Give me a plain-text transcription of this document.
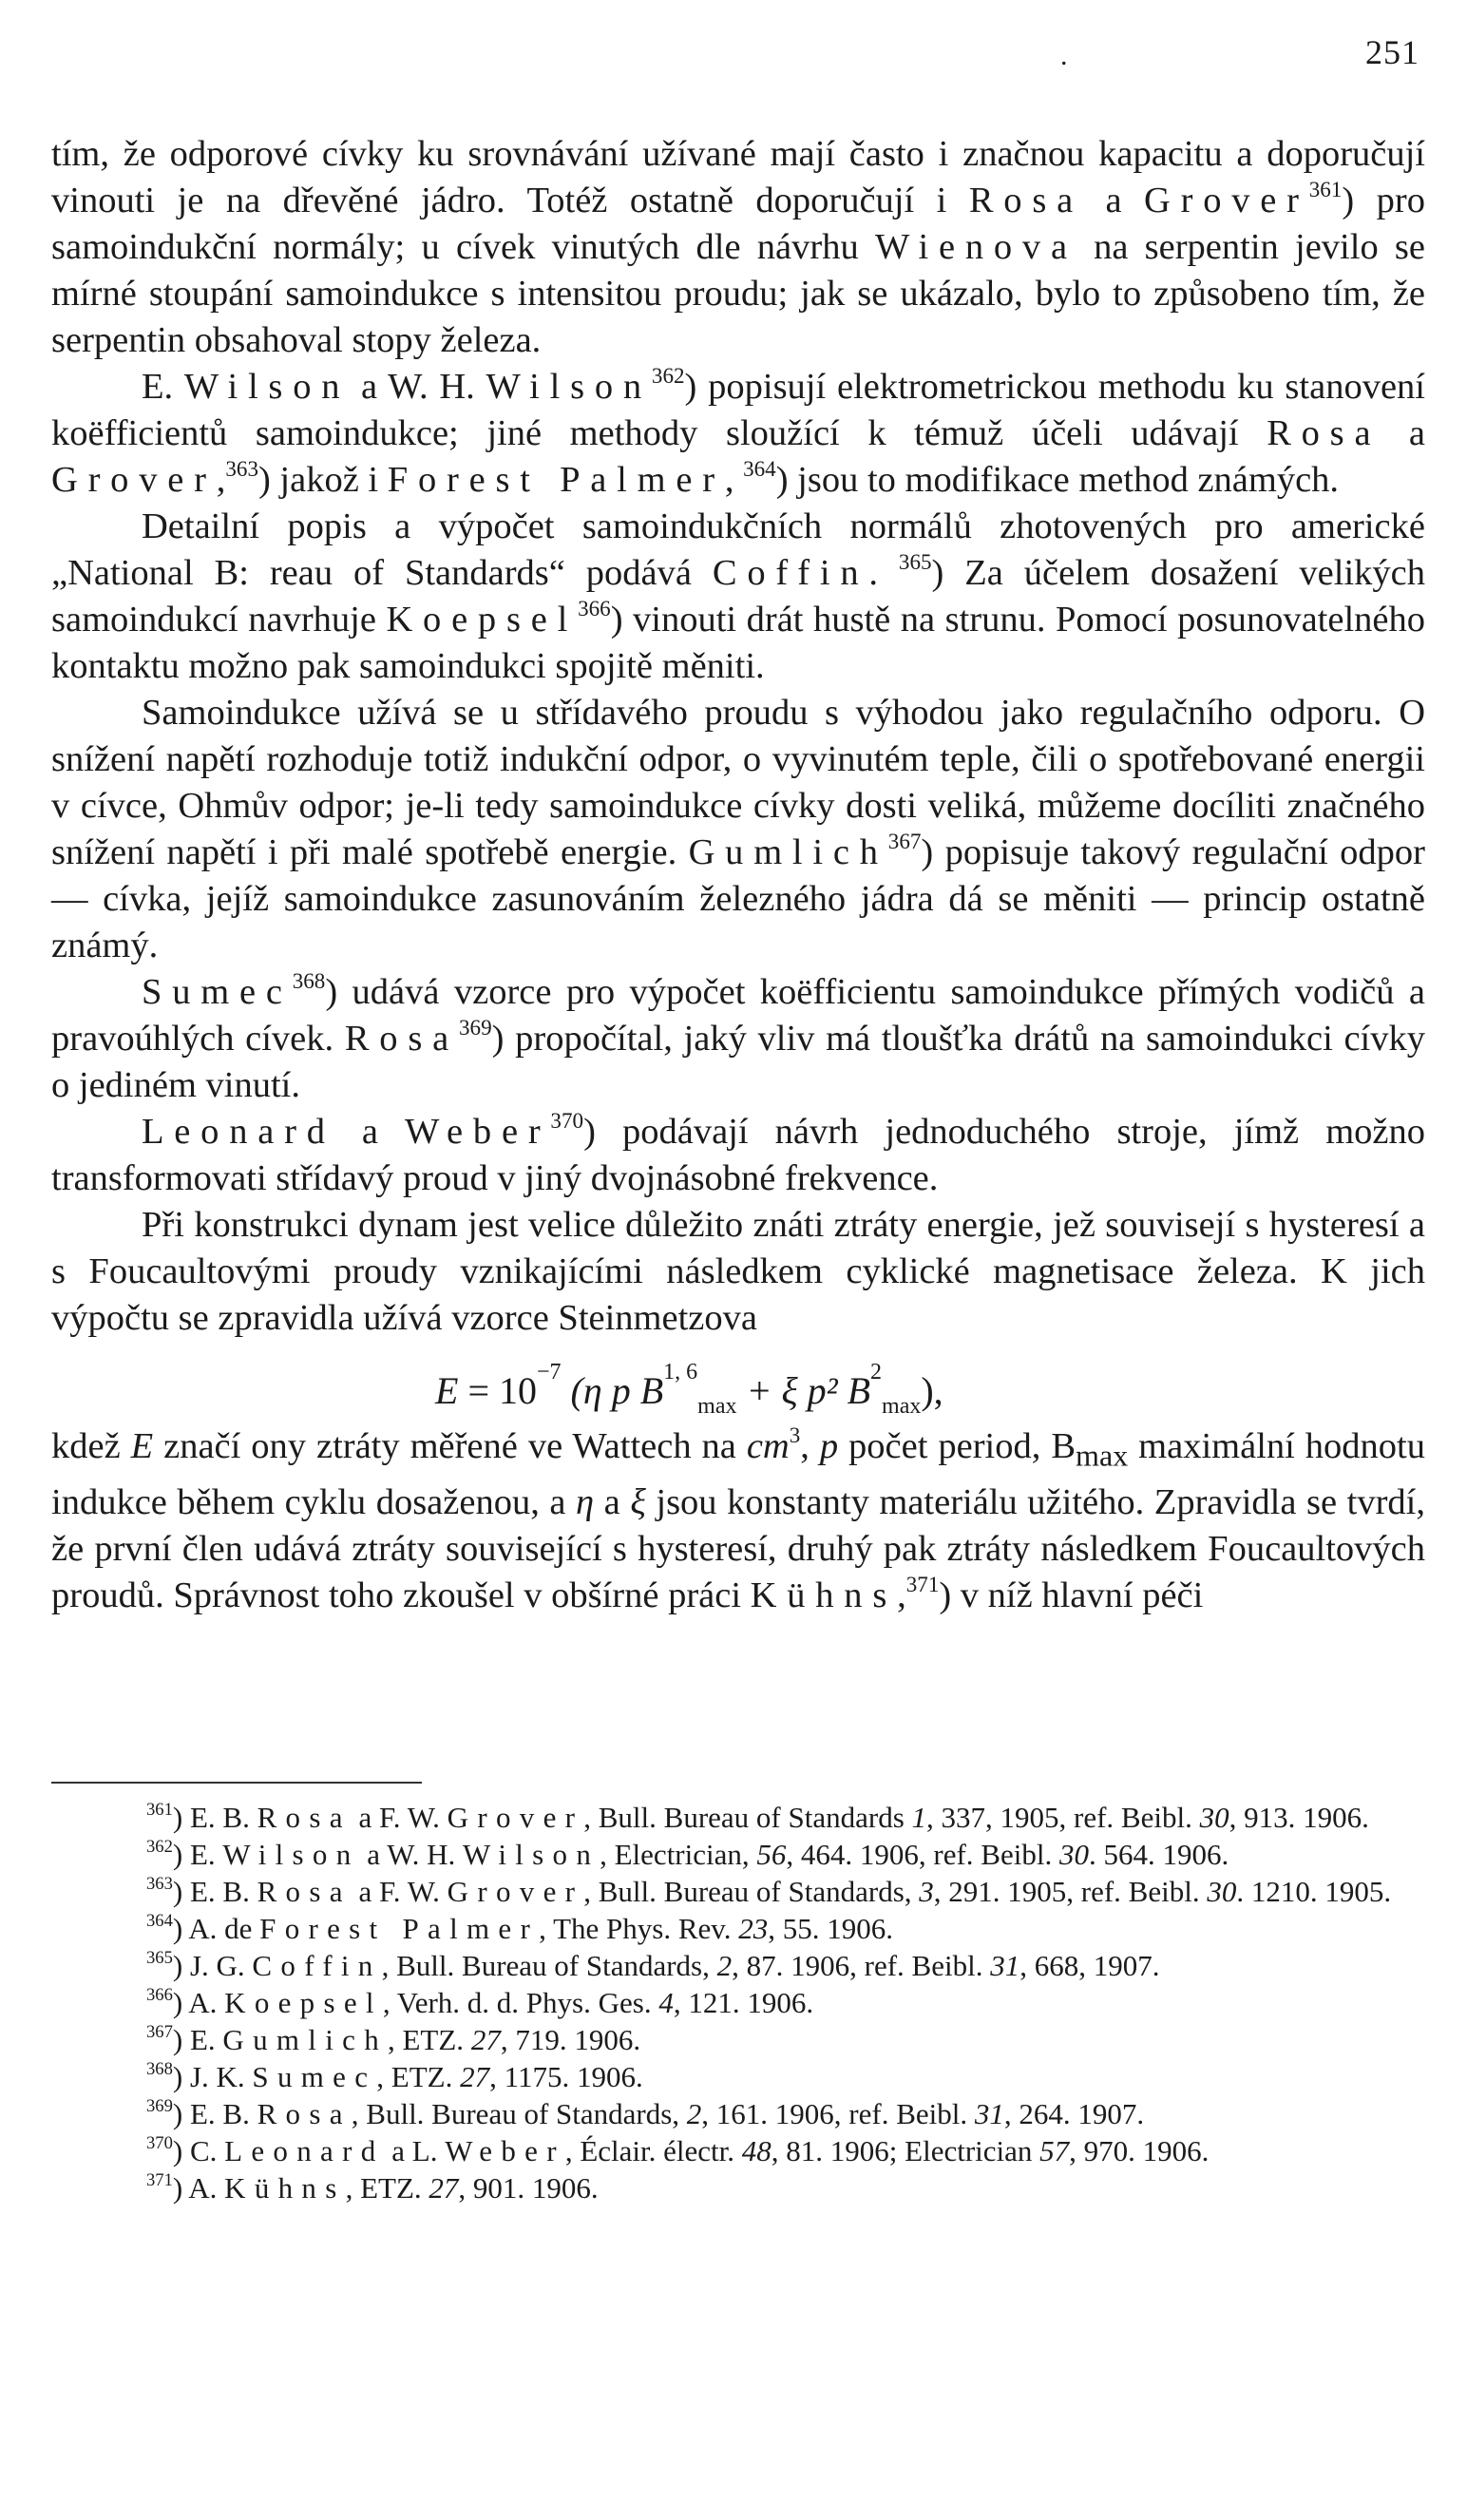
.	251

tím, že odporové cívky ku srovnávání užívané mají často i značnou kapacitu a doporučují vinouti je na dřevěné jádro. Totéž ostatně doporučují i Rosa a Grover$^{361}$) pro samoindukční normály; u cívek vinutých dle návrhu Wienova na serpentin jevilo se mírné stoupání samoindukce s intensitou proudu; jak se ukázalo, bylo to způsobeno tím, že serpentin obsahoval stopy železa.

E. Wilson a W. H. Wilson$^{362}$) popisují elektrometrickou methodu ku stanovení koëfficientů samoindukce; jiné methody sloužící k témuž účeli udávají Rosa a Grover,$^{363}$) jakož i Forest Palmer, $^{364}$) jsou to modifikace method známých.

Detailní popis a výpočet samoindukčních normálů zhotovených pro americké „National B: reau of Standards“ podává Coffin. $^{365}$) Za účelem dosažení velikých samoindukcí navrhuje Koepsel$^{366}$) vinouti drát hustě na strunu. Pomocí posunovatelného kontaktu možno pak samoindukci spojitě měniti.

Samoindukce užívá se u střídavého proudu s výhodou jako regulačního odporu. O snížení napětí rozhoduje totiž indukční odpor, o vyvinutém teple, čili o spotřebované energii v cívce, Ohmův odpor; je-li tedy samoindukce cívky dosti veliká, můžeme docíliti značného snížení napětí i při malé spotřebě energie. Gumlich$^{367}$) popisuje takový regulační odpor — cívka, jejíž samoindukce zasunováním železného jádra dá se měniti — princip ostatně známý.

Sumec$^{368}$) udává vzorce pro výpočet koëfficientu samoindukce přímých vodičů a pravoúhlých cívek. Rosa$^{369}$) propočítal, jaký vliv má tloušťka drátů na samoindukci cívky o jediném vinutí.

Leonard a Weber$^{370}$) podávají návrh jednoduchého stroje, jímž možno transformovati střídavý proud v jiný dvojnásobné frekvence.

Při konstrukci dynam jest velice důležito znáti ztráty energie, jež souvisejí s hysteresí a s Foucaultovými proudy vznikajícími následkem cyklické magnetisace železa. K jich výpočtu se zpravidla užívá vzorce Steinmetzova

$E = 10^{-7}$ (η p B$^{1, 6}_{max}$ + ξ p² $B^2_{max}$),

kdež E značí ony ztráty měřené ve Wattech na $cm^3$, p počet period, $B_{max}$ maximální hodnotu indukce během cyklu dosaženou, a η a ξ jsou konstanty materiálu užitého. Zpravidla se tvrdí, že první člen udává ztráty související s hysteresí, druhý pak ztráty následkem Foucaultových proudů. Správnost toho zkoušel v obšírné práci Kühns,$^{371}$) v níž hlavní péči

$^{361}$) E. B. Rosa a F. W. Grover, Bull. Bureau of Standards 1, 337, 1905, ref. Beibl. 30, 913. 1906.

$^{362}$) E. Wilson a W. H. Wilson, Electrician, 56, 464. 1906, ref. Beibl. 30. 564. 1906.

$^{363}$) E. B. Rosa a F. W. Grover, Bull. Bureau of Standards, 3, 291. 1905, ref. Beibl. 30. 1210. 1905.

$^{364}$) A. de Forest Palmer, The Phys. Rev. 23, 55. 1906.

$^{365}$) J. G. Coffin, Bull. Bureau of Standards, 2, 87. 1906, ref. Beibl. 31, 668, 1907.

$^{366}$) A. Koepsel, Verh. d. d. Phys. Ges. 4, 121. 1906.

$^{367}$) E. Gumlich, ETZ. 27, 719. 1906.

$^{368}$) J. K. Sumec, ETZ. 27, 1175. 1906.

$^{369}$) E. B. Rosa, Bull. Bureau of Standards, 2, 161. 1906, ref. Beibl. 31, 264. 1907.

$^{370}$) C. Leonard a L. Weber, Éclair. électr. 48, 81. 1906; Electrician 57, 970. 1906.

$^{371}$) A. Kühns, ETZ. 27, 901. 1906.
